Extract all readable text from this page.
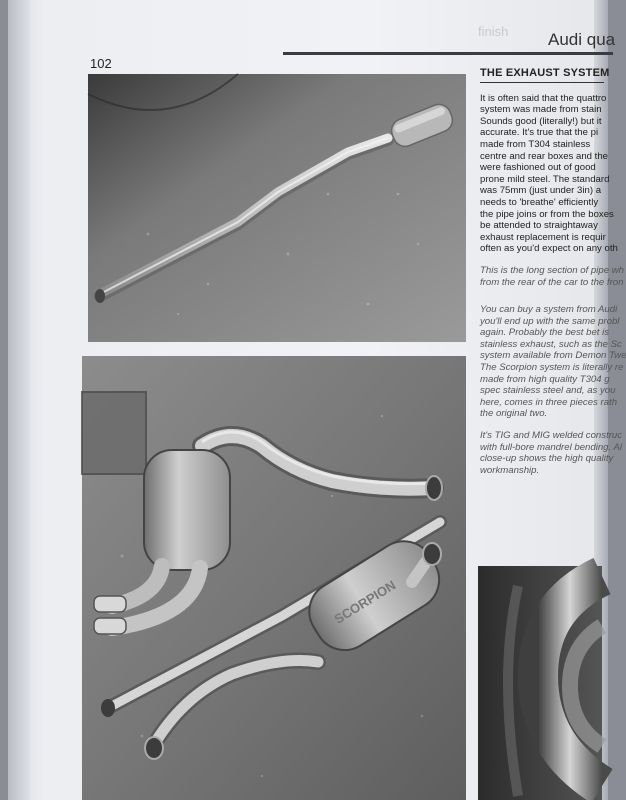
finish Audi qua
102
SCORPION
THE EXHAUST SYSTEM
It is often said that the quattro
system was made from stain
Sounds good (literally!) but it
accurate. It's true that the pi
made from T304 stainless
centre and rear boxes and the
were fashioned out of good
prone mild steel. The standard
was 75mm (just under 3in) a
needs to 'breathe' efficiently
the pipe joins or from the boxes
be attended to straightaway
exhaust replacement is requir
often as you'd expect on any oth
This is the long section of pipe wh
from the rear of the car to the fron
You can buy a system from Audi
you'll end up with the same probl
again. Probably the best bet is
stainless exhaust, such as the Sc
system available from Demon Twe
The Scorpion system is literally re
made from high quality T304 g
spec stainless steel and, as you
here, comes in three pieces rath
the original two.
It's TIG and MIG welded construc
with full-bore mandrel bending. Al
close-up shows the high quality
workmanship.
